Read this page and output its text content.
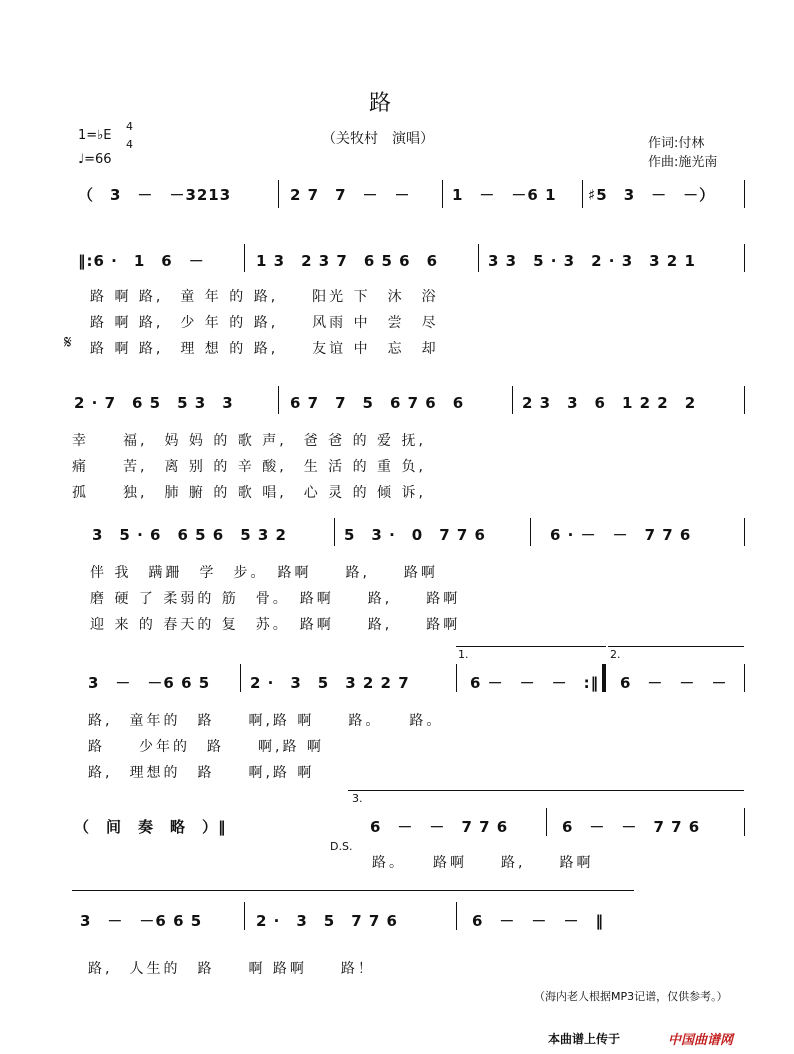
路
（关牧村　演唱）
1=♭E
4
4
♩=66
作词:付林
作曲:施光南
（　3　－　－3213	2 7　7　－　－	1　－　－6 1 ♯5　3　－　－）
‖:6 ·　1　6　－	1 3　2 3 7　6 5 6　6	3 3　5 · 3　2 · 3　3 2 1
路 啊 路,　童 年 的 路,　　阳光 下　沐　浴
路 啊 路,　少 年 的 路,　　风雨 中　尝　尽
𝄋 路 啊 路,　理 想 的 路,　　友谊 中　忘　却
2 · 7　6 5　5 3　3	6 7　7　5　6 7 6　6	2 3　3　6　1 2 2　2
幸　　福,　妈 妈 的 歌 声,　爸 爸 的 爱 抚,
痛　　苦,　离 别 的 辛 酸,　生 活 的 重 负,
孤　　独,　肺 腑 的 歌 唱,　心 灵 的 倾 诉,
3　5 · 6　6 5 6　5 3 2	5　3 ·　0　7 7 6	6 · －　－　7 7 6
伴 我　蹒跚　学　步。　路啊　　路,　　路啊
磨 硬 了 柔弱的 筋　骨。　路啊　　路,　　路啊
迎 来 的 春天的 复　苏。　路啊　　路,　　路啊
1.	2.
3　－　－6 6 5	2 ·　3　5　3 2 2 7	6 －　－　－　:‖ 6　－　－　－
路,　童年的　路　　啊,路 啊　　路。　　路。
路　　少年的　路　　啊,路 啊
路,　理想的　路　　啊,路 啊
3.
（　间　奏　略　）‖
D.S.
6　－　－　7 7 6	6　－　－　7 7 6
路。　　路啊　　路,　　路啊
3　－　－6 6 5	2 ·　3　5　7 7 6	6　－　－　－　‖
路,　人生的　路　　啊 路啊　　路！
（海内老人根据MP3记谱，仅供参考。）
本曲谱上传于	中国曲谱网
